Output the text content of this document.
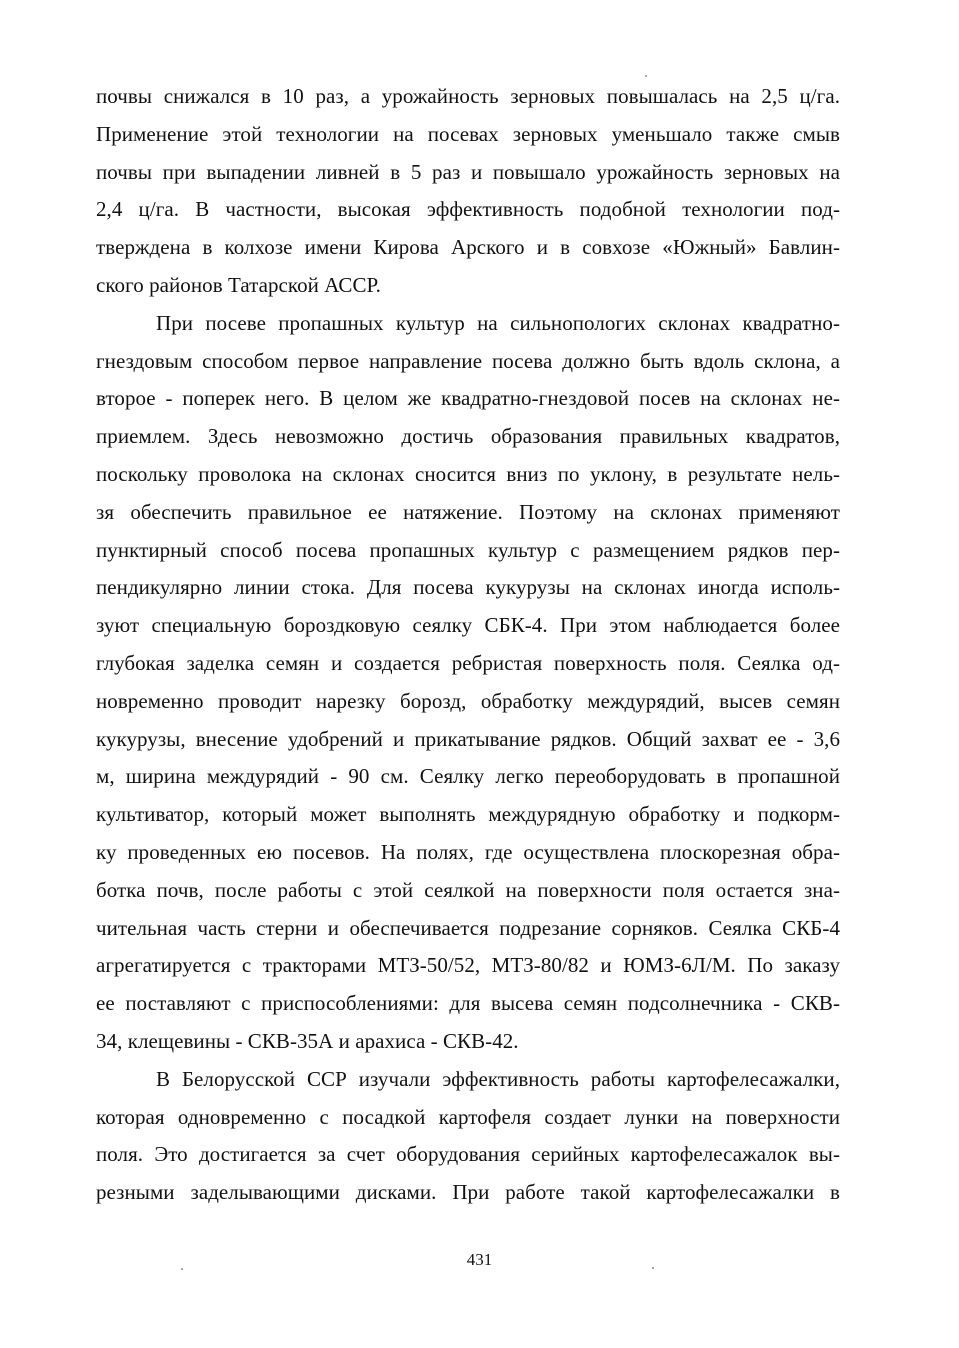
почвы снижался в 10 раз, а урожайность зерновых повышалась на 2,5 ц/га.
Применение этой технологии на посевах зерновых уменьшало также смыв
почвы при выпадении ливней в 5 раз и повышало урожайность зерновых на
2,4 ц/га. В частности, высокая эффективность подобной технологии под-
тверждена в колхозе имени Кирова Арского и в совхозе «Южный» Бавлин-
ского районов Татарской АССР.
При посеве пропашных культур на сильнопологих склонах квадратно-
гнездовым способом первое направление посева должно быть вдоль склона, а
второе - поперек него. В целом же квадратно-гнездовой посев на склонах не-
приемлем. Здесь невозможно достичь образования правильных квадратов,
поскольку проволока на склонах сносится вниз по уклону, в результате нель-
зя обеспечить правильное ее натяжение. Поэтому на склонах применяют
пунктирный способ посева пропашных культур с размещением рядков пер-
пендикулярно линии стока. Для посева кукурузы на склонах иногда исполь-
зуют специальную бороздковую сеялку СБК-4. При этом наблюдается более
глубокая заделка семян и создается ребристая поверхность поля. Сеялка од-
новременно проводит нарезку борозд, обработку междурядий, высев семян
кукурузы, внесение удобрений и прикатывание рядков. Общий захват ее - 3,6
м, ширина междурядий - 90 см. Сеялку легко переоборудовать в пропашной
культиватор, который может выполнять междурядную обработку и подкорм-
ку проведенных ею посевов. На полях, где осуществлена плоскорезная обра-
ботка почв, после работы с этой сеялкой на поверхности поля остается зна-
чительная часть стерни и обеспечивается подрезание сорняков. Сеялка СКБ-4
агрегатируется с тракторами МТЗ-50/52, МТЗ-80/82 и ЮМЗ-6Л/М. По заказу
ее поставляют с приспособлениями: для высева семян подсолнечника - СКВ-
34, клещевины - СКВ-35А и арахиса - СКВ-42.
В Белорусской ССР изучали эффективность работы картофелесажалки,
которая одновременно с посадкой картофеля создает лунки на поверхности
поля. Это достигается за счет оборудования серийных картофелесажалок вы-
резными заделывающими дисками. При работе такой картофелесажалки в
431
